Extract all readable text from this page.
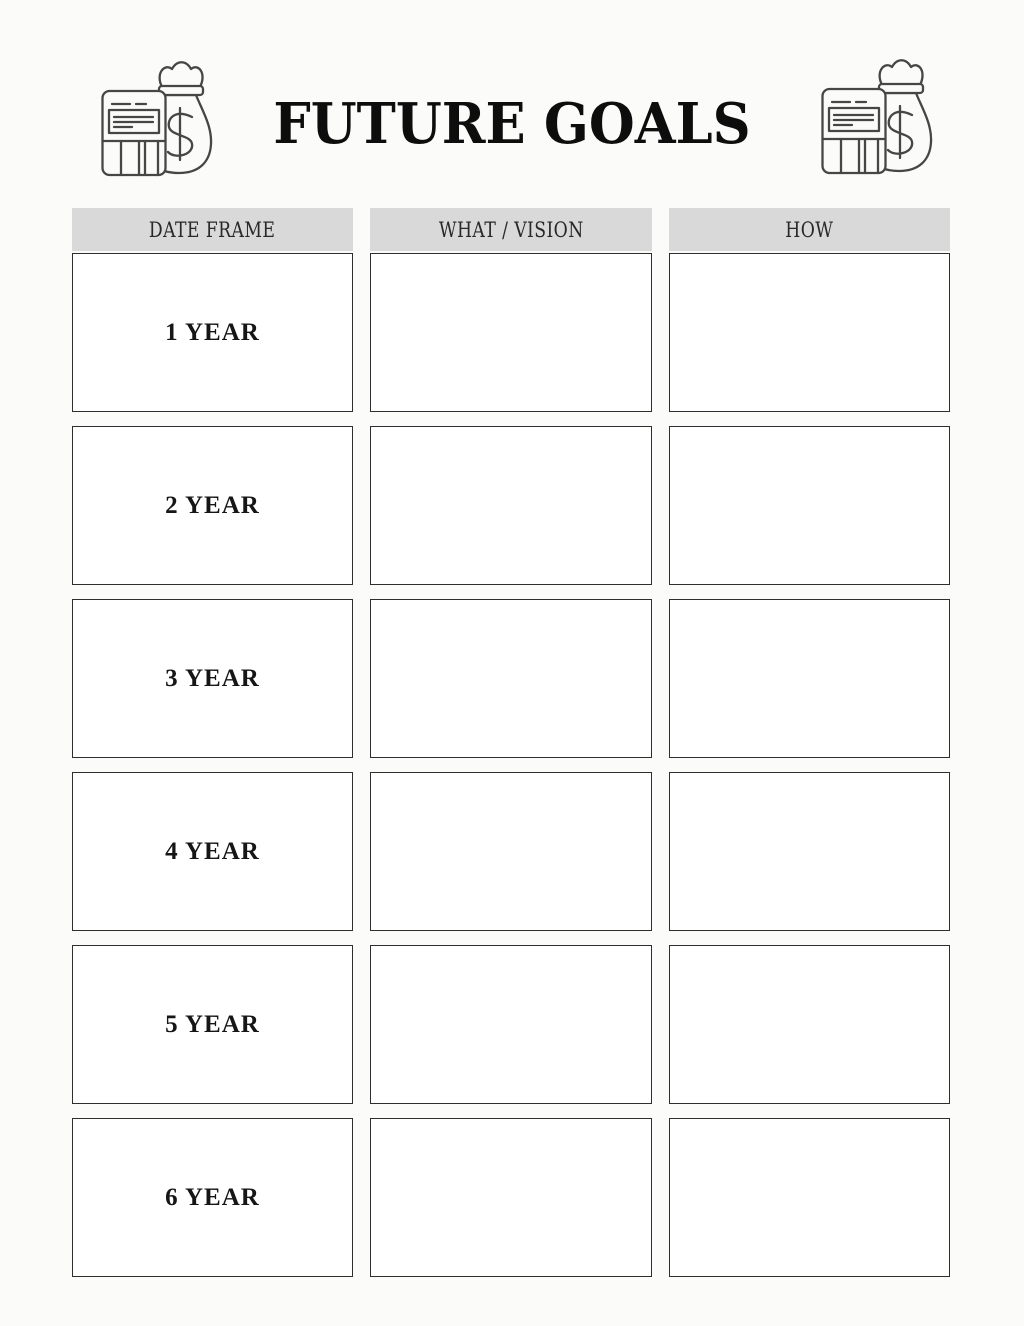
FUTURE GOALS
DATE FRAME	WHAT / VISION	HOW
1 YEAR
2 YEAR
3 YEAR
4 YEAR
5 YEAR
6 YEAR
